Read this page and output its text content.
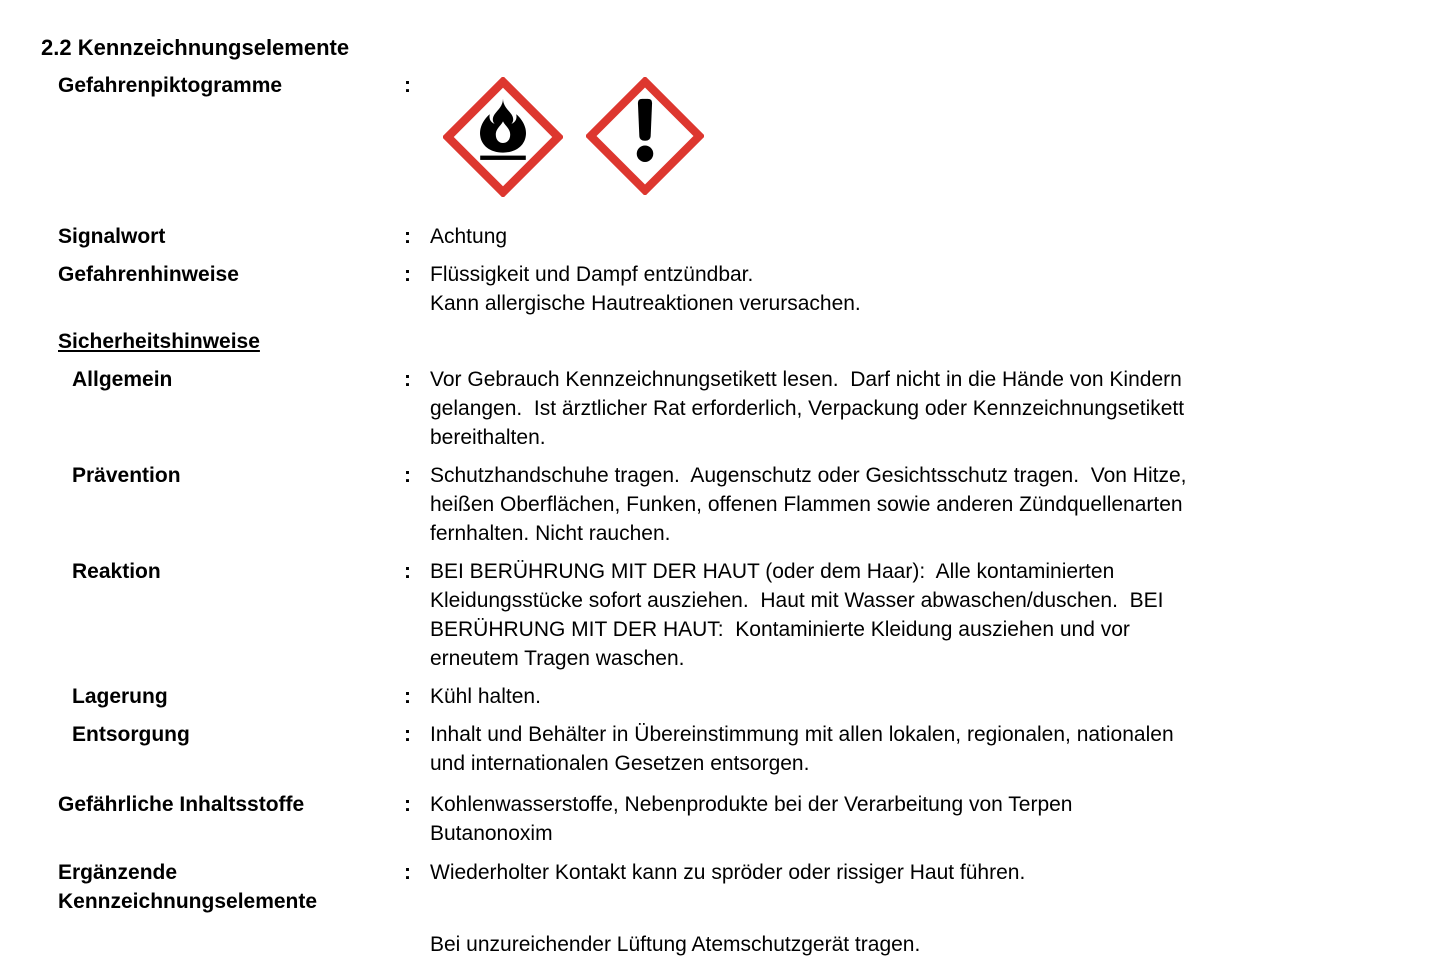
2.2 Kennzeichnungselemente
Gefahrenpiktogramme	:
Signalwort	: Achtung
Gefahrenhinweise	: Flüssigkeit und Dampf entzündbar.
Kann allergische Hautreaktionen verursachen.
Sicherheitshinweise
Allgemein	: Vor Gebrauch Kennzeichnungsetikett lesen.  Darf nicht in die Hände von Kindern
gelangen.  Ist ärztlicher Rat erforderlich, Verpackung oder Kennzeichnungsetikett
bereithalten.
Prävention	: Schutzhandschuhe tragen.  Augenschutz oder Gesichtsschutz tragen.  Von Hitze,
heißen Oberflächen, Funken, offenen Flammen sowie anderen Zündquellenarten
fernhalten. Nicht rauchen.
Reaktion	: BEI BERÜHRUNG MIT DER HAUT (oder dem Haar):  Alle kontaminierten
Kleidungsstücke sofort ausziehen.  Haut mit Wasser abwaschen/duschen.  BEI
BERÜHRUNG MIT DER HAUT:  Kontaminierte Kleidung ausziehen und vor
erneutem Tragen waschen.
Lagerung	: Kühl halten.
Entsorgung	: Inhalt und Behälter in Übereinstimmung mit allen lokalen, regionalen, nationalen
und internationalen Gesetzen entsorgen.
Gefährliche Inhaltsstoffe	: Kohlenwasserstoffe, Nebenprodukte bei der Verarbeitung von Terpen
Butanonoxim
Ergänzende
Kennzeichnungselemente
: Wiederholter Kontakt kann zu spröder oder rissiger Haut führen.
Bei unzureichender Lüftung Atemschutzgerät tragen.
